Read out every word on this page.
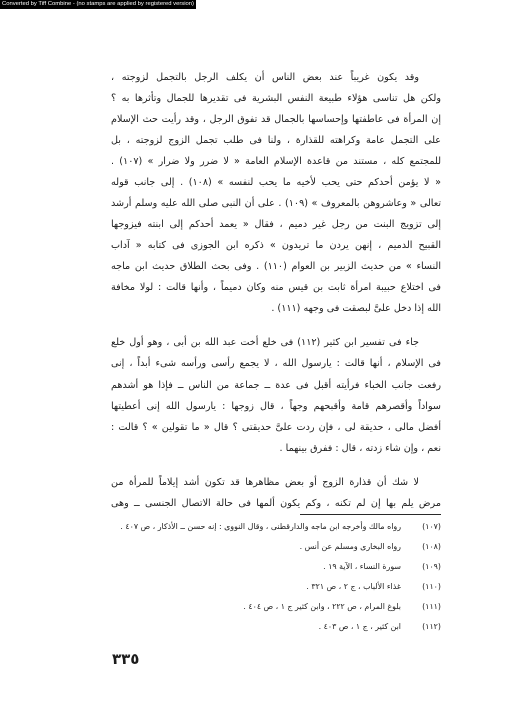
Converted by Tiff Combine - (no stamps are applied by registered version)
وقد يكون غريباً عند بعض الناس أن يكلف الرجل بالتجمل لزوجته ،
ولكن هل تناسى هؤلاء طبيعة النفس البشرية فى تقديرها للجمال وتأثرها به ؟
إن المرأة فى عاطفتها وإحساسها بالجمال قد تفوق الرجل ، وقد رأيت حث الإسلام
على التجمل عامة وكراهته للقذارة ، ولنا فى طلب تجمل الزوج لزوجته ، بل
للمجتمع كله ، مستند من قاعدة الإسلام العامة « لا ضرر ولا ضرار » (١٠٧) .
« لا يؤمن أحدكم حتى يحب لأخيه ما يحب لنفسه » (١٠٨) . إلى جانب قوله
تعالى « وعاشروهن بالمعروف » (١٠٩) . على أن النبى صلى الله عليه وسلم أرشد
إلى تزويج البنت من رجل غير دميم ، فقال « يعمد أحدكم إلى ابنته فيزوجها
القبيح الدميم ، إنهن يردن ما تريدون » ذكره ابن الجوزى فى كتابه « آداب
النساء » من حديث الزبير بن العوام (١١٠) . وفى بحث الطلاق حديث ابن ماجه
فى اختلاع حبيبة امرأة ثابت بن قيس منه وكان دميماً ، وأنها قالت : لولا مخافة
الله إذا دخل علىَّ لبصقت فى وجهه (١١١) .
جاء فى تفسير ابن كثير (١١٢) فى خلع أخت عبد الله بن أبى ، وهو أول خلع
فى الإسلام ، أنها قالت : يارسول الله ، لا يجمع رأسى ورأسه شىء أبداً ، إنى
رفعت جانب الخباء فرأيته أقبل فى عدة ــ جماعة من الناس ــ فإذا هو أشدهم
سواداً وأقصرهم قامة وأقبحهم وجهاً ، قال زوجها : يارسول الله إنى أعطيتها
أفضل مالى ، حديقة لى ، فإن ردت علىَّ حديقتى ؟ قال « ما تقولين » ؟ قالت :
نعم ، وإن شاء زدته ، قال : ففرق بينهما .
لا شك أن قذارة الزوج أو بعض مظاهرها قد تكون أشد إيلاماً للمرأة من
مرض يلم بها إن لم تكنه ، وكم يكون ألمها فى حالة الاتصال الجنسى ــ وهى
(١٠٧)رواه مالك وأخرجه ابن ماجه والدارقطنى ، وقال النووى : إنه حسن ــ الأذكار ، ص ٤٠٧ .
(١٠٨)رواه البخارى ومسلم عن أنس .
(١٠٩)سورة النساء ، الآية ١٩ .
(١١٠)غذاء الألباب ، ج ٢ ، ص ٣٢١ .
(١١١)بلوغ المرام ، ص ٢٢٢ ، وابن كثير ج ١ ، ص ٤٠٤ .
(١١٢)ابن كثير ، ج ١ ، ص ٤٠٣ .
٣٣٥
